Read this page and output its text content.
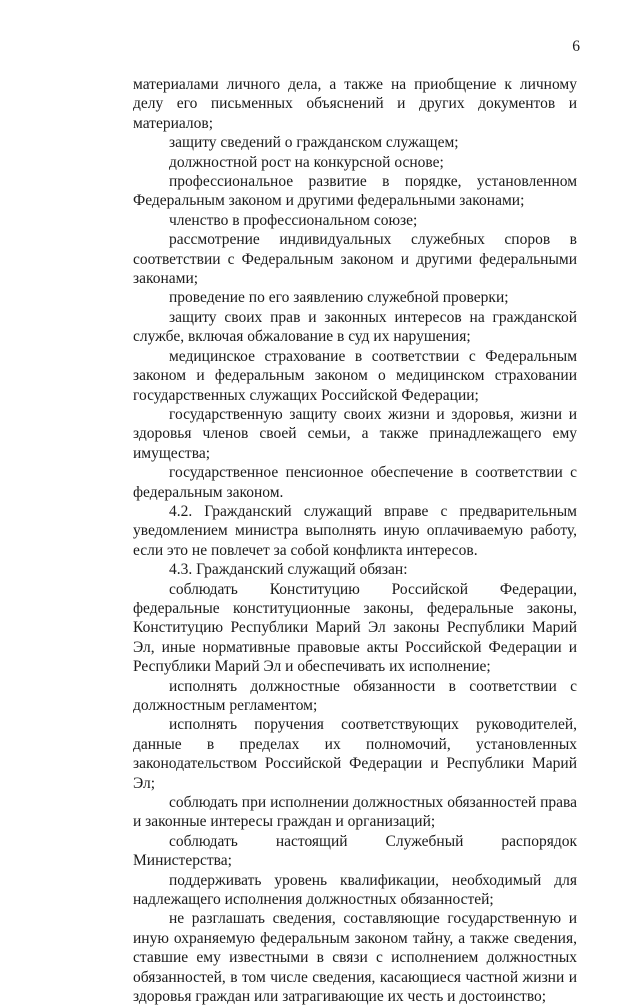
6

материалами личного дела, а также на приобщение к личному делу его письменных объяснений и других документов и материалов;

защиту сведений о гражданском служащем;

должностной рост на конкурсной основе;

профессиональное развитие в порядке, установленном Федеральным законом и другими федеральными законами;

членство в профессиональном союзе;

рассмотрение индивидуальных служебных споров в соответствии с Федеральным законом и другими федеральными законами;

проведение по его заявлению служебной проверки;

защиту своих прав и законных интересов на гражданской службе, включая обжалование в суд их нарушения;

медицинское страхование в соответствии с Федеральным законом и федеральным законом о медицинском страховании государственных служащих Российской Федерации;

государственную защиту своих жизни и здоровья, жизни и здоровья членов своей семьи, а также принадлежащего ему имущества;

государственное пенсионное обеспечение в соответствии с федеральным законом.

4.2. Гражданский служащий вправе с предварительным уведомлением министра выполнять иную оплачиваемую работу, если это не повлечет за собой конфликта интересов.

4.3. Гражданский служащий обязан:

соблюдать Конституцию Российской Федерации, федеральные конституционные законы, федеральные законы, Конституцию Республики Марий Эл законы Республики Марий Эл, иные нормативные правовые акты Российской Федерации и Республики Марий Эл и обеспечивать их исполнение;

исполнять должностные обязанности в соответствии с должностным регламентом;

исполнять поручения соответствующих руководителей, данные в пределах их полномочий, установленных законодательством Российской Федерации и Республики Марий Эл;

соблюдать при исполнении должностных обязанностей права и законные интересы граждан и организаций;

соблюдать настоящий Служебный распорядок Министерства;

поддерживать уровень квалификации, необходимый для надлежащего исполнения должностных обязанностей;

не разглашать сведения, составляющие государственную и иную охраняемую федеральным законом тайну, а также сведения, ставшие ему известными в связи с исполнением должностных обязанностей, в том числе сведения, касающиеся частной жизни и здоровья граждан или затрагивающие их честь и достоинство;
